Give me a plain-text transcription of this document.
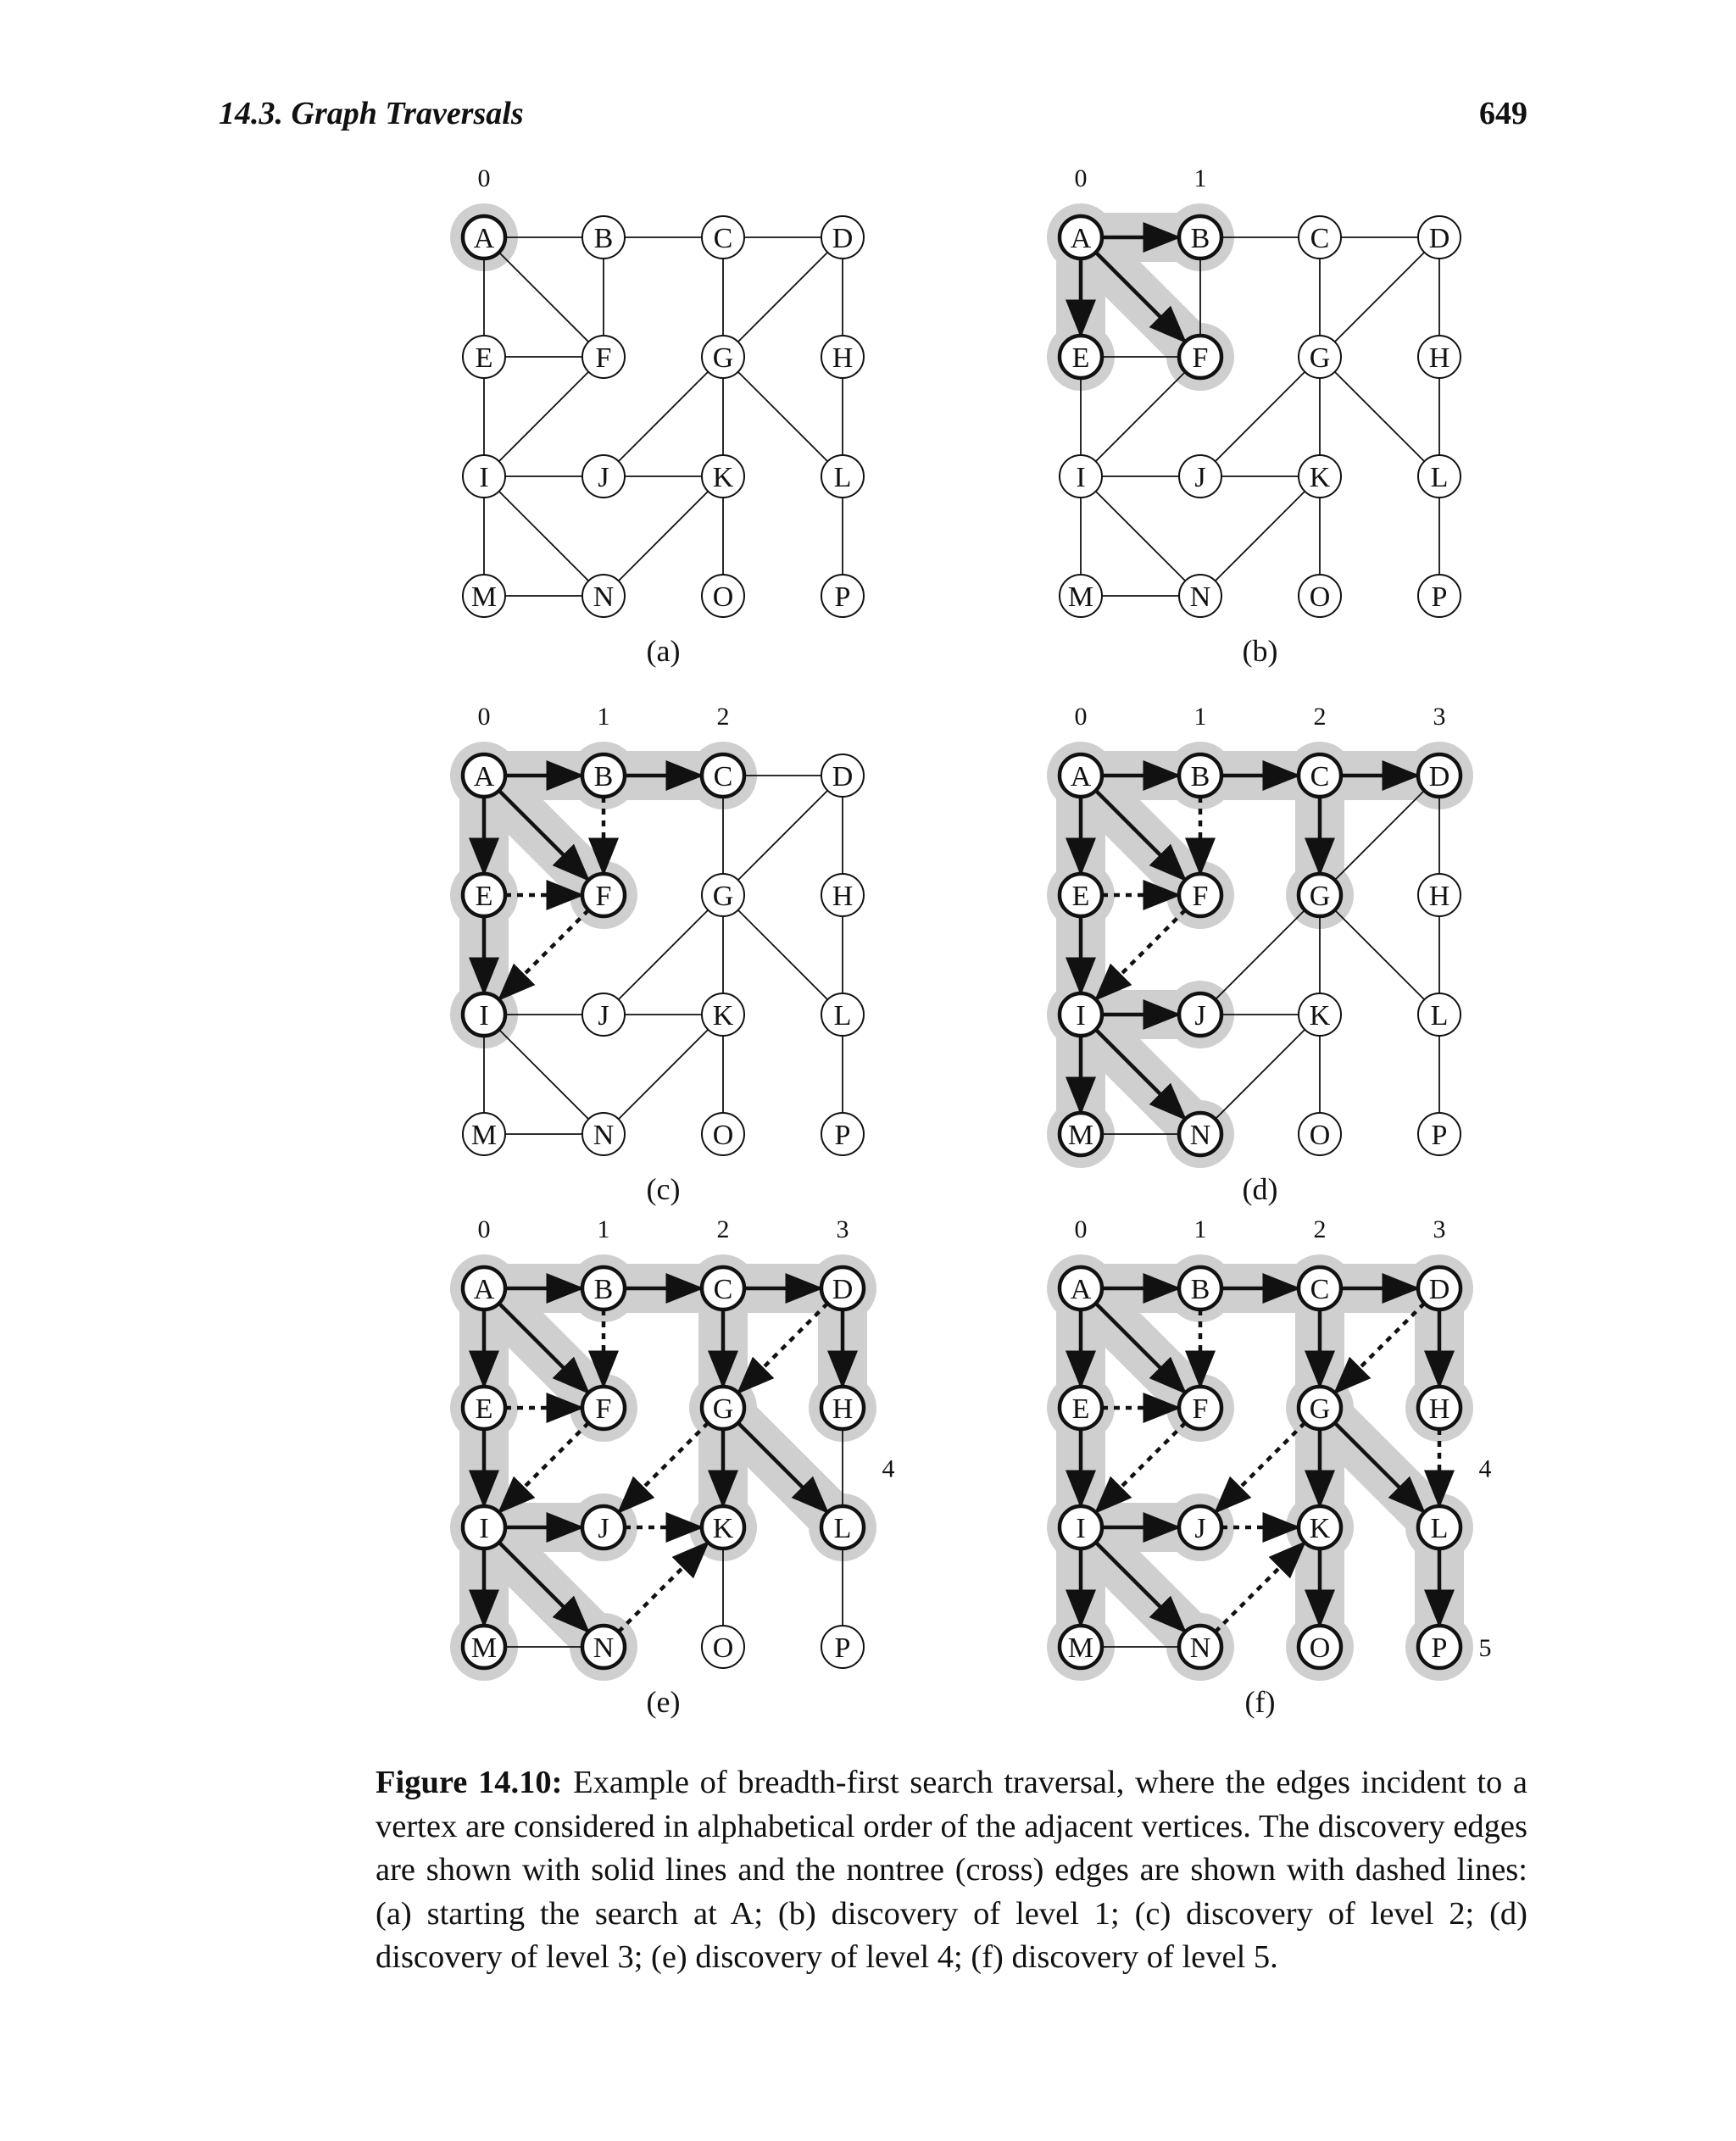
14.3. Graph Traversals	649
A	B	C	D
E	F	G	H
I	J	K	L
M	N	O	P
0
(a)
A	B	C	D
E	F	G	H
I	J	K	L
M	N	O	P
0	1
(b)
A	B	C	D
E	F	G	H
I	J	K	L
M	N	O	P
0	1	2
(c)
A	B	C	D
E	F	G	H
I	J	K	L
M	N	O	P
0	1	2	3
(d)
A	B	C	D
E	F	G	H
I	J	K	L
M	N	O	P
0	1	2	3
4
(e)
A	B	C	D
E	F	G	H
I	J	K	L
M	N	O	P
0	1	2	3
4
5
(f)
Figure 14.10: Example of breadth-first search traversal, where the edges incident to a vertex are considered in alphabetical order of the adjacent vertices. The discovery edges are shown with solid lines and the nontree (cross) edges are shown with dashed lines: (a) starting the search at A; (b) discovery of level 1; (c) discovery of level 2; (d) discovery of level 3; (e) discovery of level 4; (f) discovery of level 5.
